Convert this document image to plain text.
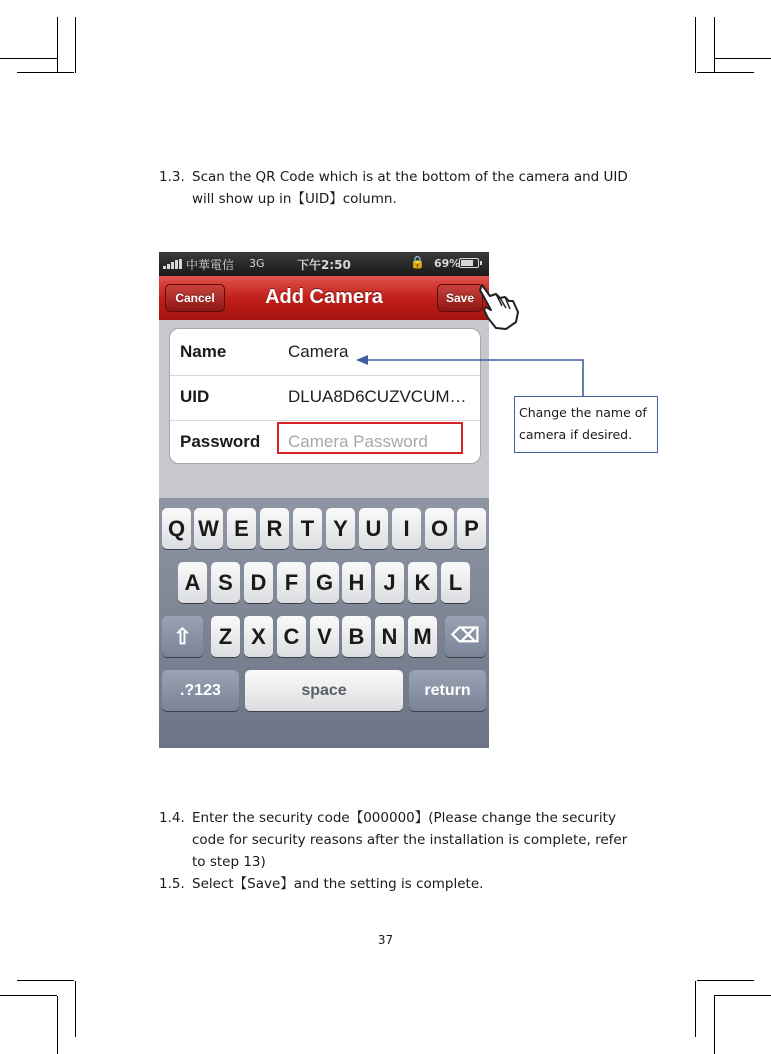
1.3. Scan the QR Code which is at the bottom of the camera and UID
will show up in【UID】column.
中華電信 3G	下午2:50	🔒 69%
Cancel	Add Camera	Save
Name	Camera
UID	DLUA8D6CUZVCUM…
Password Camera Password
Q W E R T Y U	I O P
A S D F G H J K L
⇧	Z X C V B N M ⌫
.?123	space	return
Change the name of
camera if desired.
1.4. Enter the security code【000000】(Please change the security
code for security reasons after the installation is complete, refer
to step 13)
1.5. Select【Save】and the setting is complete.
37
